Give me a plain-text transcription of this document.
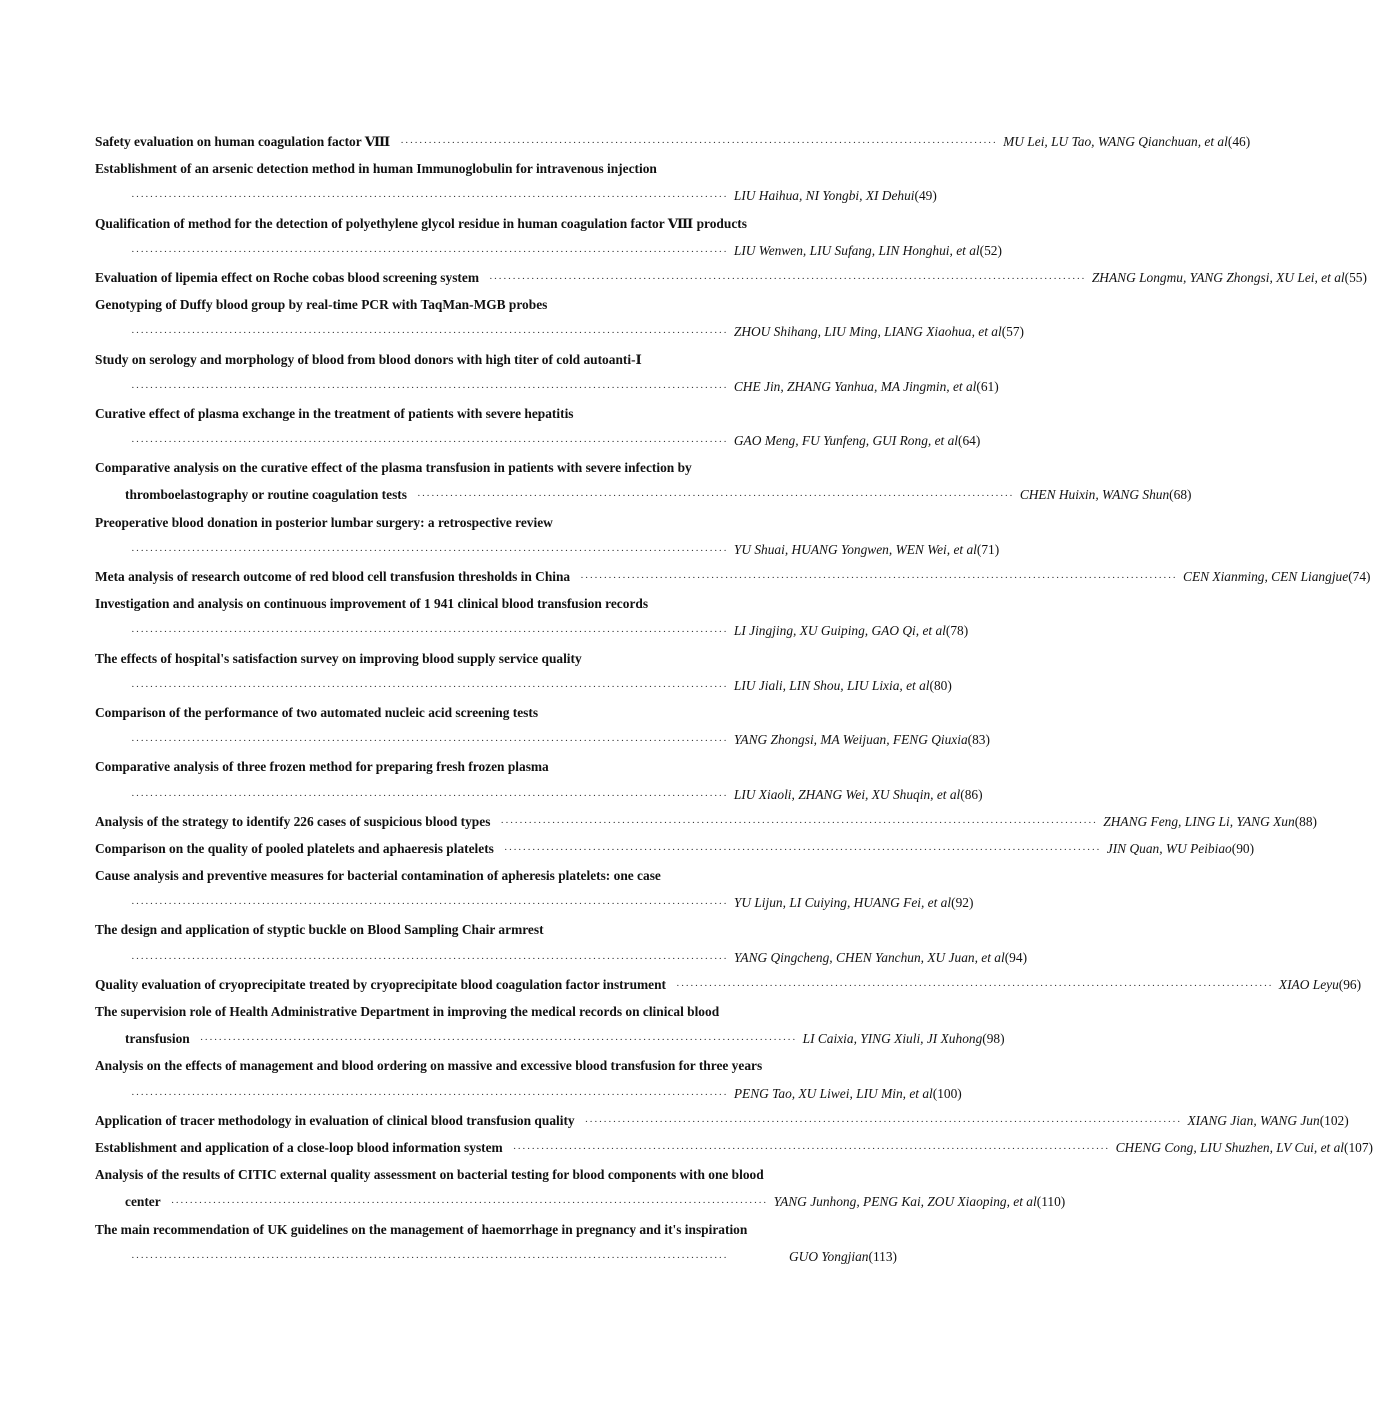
Safety evaluation on human coagulation factor Ⅷ ································································································································ MU Lei, LU Tao, WANG Qianchuan, et al (46)
Establishment of an arsenic detection method in human Immunoglobulin for intravenous injection
································································································································ LIU Haihua, NI Yongbi, XI Dehui (49)
Qualification of method for the detection of polyethylene glycol residue in human coagulation factor Ⅷ products
································································································································ LIU Wenwen, LIU Sufang, LIN Honghui, et al (52)
Evaluation of lipemia effect on Roche cobas blood screening system ································································································································ ZHANG Longmu, YANG Zhongsi, XU Lei, et al (55)
Genotyping of Duffy blood group by real-time PCR with TaqMan-MGB probes
································································································································ ZHOU Shihang, LIU Ming, LIANG Xiaohua, et al (57)
Study on serology and morphology of blood from blood donors with high titer of cold autoanti-Ⅰ
································································································································ CHE Jin, ZHANG Yanhua, MA Jingmin, et al (61)
Curative effect of plasma exchange in the treatment of patients with severe hepatitis
································································································································ GAO Meng, FU Yunfeng, GUI Rong, et al (64)
Comparative analysis on the curative effect of the plasma transfusion in patients with severe infection by
thromboelastography or routine coagulation tests ································································································································ CHEN Huixin, WANG Shun (68)
Preoperative blood donation in posterior lumbar surgery: a retrospective review
································································································································ YU Shuai, HUANG Yongwen, WEN Wei, et al (71)
Meta analysis of research outcome of red blood cell transfusion thresholds in China ································································································································ CEN Xianming, CEN Liangjue (74)
Investigation and analysis on continuous improvement of 1 941 clinical blood transfusion records
································································································································ LI Jingjing, XU Guiping, GAO Qi, et al (78)
The effects of hospital's satisfaction survey on improving blood supply service quality
································································································································ LIU Jiali, LIN Shou, LIU Lixia, et al (80)
Comparison of the performance of two automated nucleic acid screening tests
································································································································ YANG Zhongsi, MA Weijuan, FENG Qiuxia (83)
Comparative analysis of three frozen method for preparing fresh frozen plasma
································································································································ LIU Xiaoli, ZHANG Wei, XU Shuqin, et al (86)
Analysis of the strategy to identify 226 cases of suspicious blood types ································································································································ ZHANG Feng, LING Li, YANG Xun (88)
Comparison on the quality of pooled platelets and aphaeresis platelets ································································································································ JIN Quan, WU Peibiao (90)
Cause analysis and preventive measures for bacterial contamination of apheresis platelets: one case
································································································································ YU Lijun, LI Cuiying, HUANG Fei, et al (92)
The design and application of styptic buckle on Blood Sampling Chair armrest
································································································································ YANG Qingcheng, CHEN Yanchun, XU Juan, et al (94)
Quality evaluation of cryoprecipitate treated by cryoprecipitate blood coagulation factor instrument ································································································································ XIAO Leyu (96)
The supervision role of Health Administrative Department in improving the medical records on clinical blood
transfusion ································································································································ LI Caixia, YING Xiuli, JI Xuhong (98)
Analysis on the effects of management and blood ordering on massive and excessive blood transfusion for three years
································································································································ PENG Tao, XU Liwei, LIU Min, et al (100)
Application of tracer methodology in evaluation of clinical blood transfusion quality ································································································································ XIANG Jian, WANG Jun (102)
Establishment and application of a close-loop blood information system ································································································································ CHENG Cong, LIU Shuzhen, LV Cui, et al (107)
Analysis of the results of CITIC external quality assessment on bacterial testing for blood components with one blood
center ································································································································ YANG Junhong, PENG Kai, ZOU Xiaoping, et al (110)
The main recommendation of UK guidelines on the management of haemorrhage in pregnancy and it's inspiration
································································································································	GUO Yongjian (113)
